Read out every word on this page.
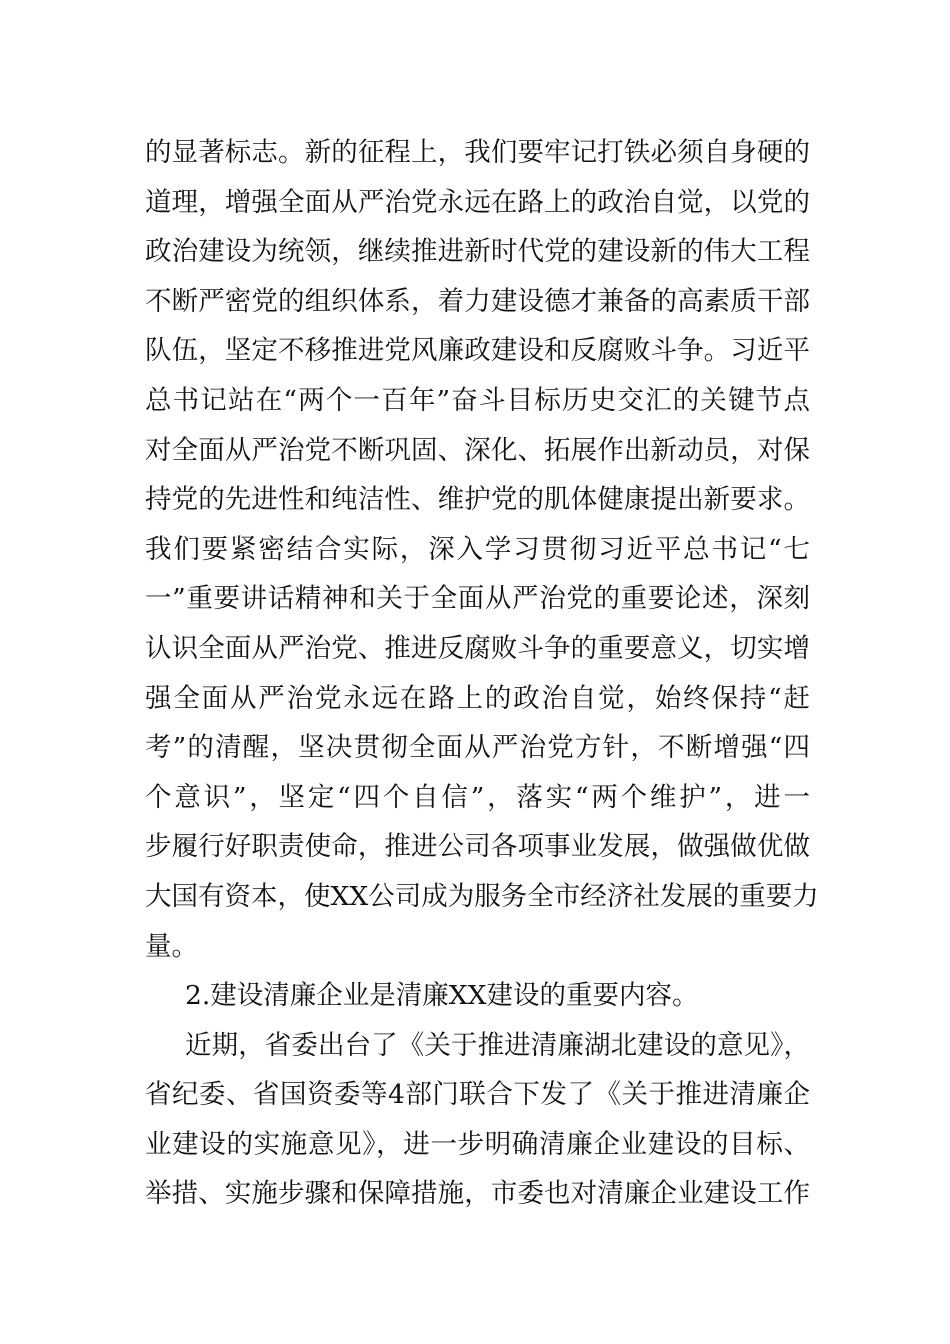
的显著标志。新的征程上，我们要牢记打铁必须自身硬的
道理，增强全面从严治党永远在路上的政治自觉，以党的
政治建设为统领，继续推进新时代党的建设新的伟大工程
不断严密党的组织体系，着力建设德才兼备的高素质干部
队伍，坚定不移推进党风廉政建设和反腐败斗争。习近平
总书记站在“两个一百年”奋斗目标历史交汇的关键节点
对全面从严治党不断巩固、深化、拓展作出新动员，对保
持党的先进性和纯洁性、维护党的肌体健康提出新要求。
我们要紧密结合实际，深入学习贯彻习近平总书记“七
一”重要讲话精神和关于全面从严治党的重要论述，深刻
认识全面从严治党、推进反腐败斗争的重要意义，切实增
强全面从严治党永远在路上的政治自觉，始终保持“赶
考”的清醒，坚决贯彻全面从严治党方针，不断增强“四
个意识”，坚定“四个自信”，落实“两个维护”，进一
步履行好职责使命，推进公司各项事业发展，做强做优做
大国有资本，使XX公司成为服务全市经济社发展的重要力
量。
2.建设清廉企业是清廉XX建设的重要内容。
近期，省委出台了《关于推进清廉湖北建设的意见》，
省纪委、省国资委等4部门联合下发了《关于推进清廉企
业建设的实施意见》，进一步明确清廉企业建设的目标、
举措、实施步骤和保障措施，市委也对清廉企业建设工作
